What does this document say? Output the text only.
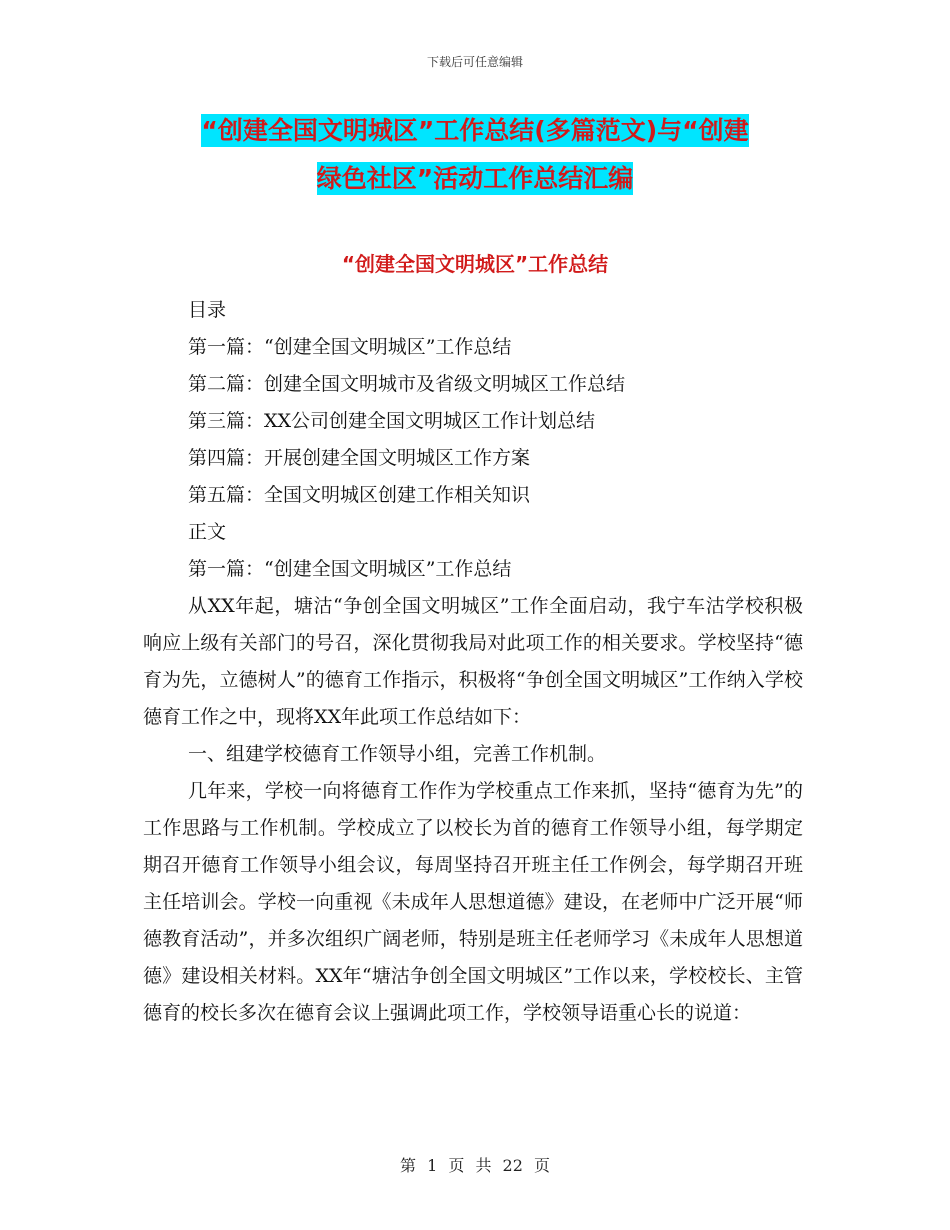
下载后可任意编辑
“创建全国文明城区”工作总结(多篇范文)与“创建
绿色社区”活动工作总结汇编
“创建全国文明城区”工作总结

目录

第一篇：“创建全国文明城区”工作总结

第二篇：创建全国文明城市及省级文明城区工作总结

第三篇：XX公司创建全国文明城区工作计划总结

第四篇：开展创建全国文明城区工作方案

第五篇：全国文明城区创建工作相关知识

正文

第一篇：“创建全国文明城区”工作总结

从XX年起，塘沽“争创全国文明城区”工作全面启动，我宁车沽学校积极响应上级有关部门的号召，深化贯彻我局对此项工作的相关要求。学校坚持“德育为先，立德树人”的德育工作指示，积极将“争创全国文明城区”工作纳入学校德育工作之中，现将XX年此项工作总结如下：

一、组建学校德育工作领导小组，完善工作机制。

几年来，学校一向将德育工作作为学校重点工作来抓，坚持“德育为先”的工作思路与工作机制。学校成立了以校长为首的德育工作领导小组，每学期定期召开德育工作领导小组会议，每周坚持召开班主任工作例会，每学期召开班主任培训会。学校一向重视《未成年人思想道德》建设，在老师中广泛开展“师德教育活动”，并多次组织广阔老师，特别是班主任老师学习《未成年人思想道德》建设相关材料。XX年“塘沽争创全国文明城区”工作以来，学校校长、主管德育的校长多次在德育会议上强调此项工作，学校领导语重心长的说道：

第 1 页 共 22 页
